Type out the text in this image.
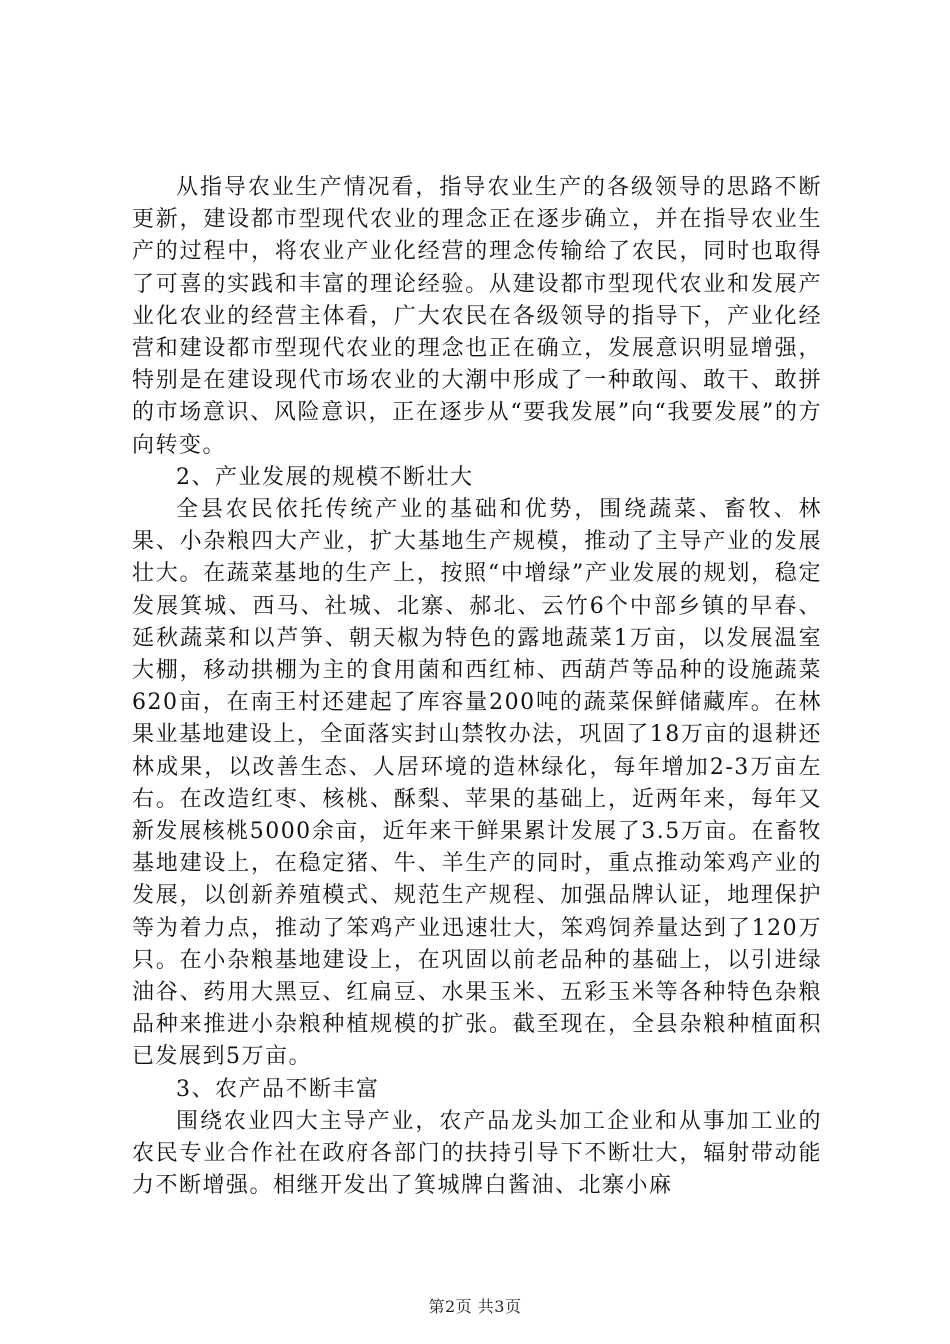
从指导农业生产情况看，指导农业生产的各级领导的思路不断更新，建设都市型现代农业的理念正在逐步确立，并在指导农业生产的过程中，将农业产业化经营的理念传输给了农民，同时也取得了可喜的实践和丰富的理论经验。从建设都市型现代农业和发展产业化农业的经营主体看，广大农民在各级领导的指导下，产业化经营和建设都市型现代农业的理念也正在确立，发展意识明显增强，特别是在建设现代市场农业的大潮中形成了一种敢闯、敢干、敢拼的市场意识、风险意识，正在逐步从“要我发展”向“我要发展”的方向转变。

2、产业发展的规模不断壮大

全县农民依托传统产业的基础和优势，围绕蔬菜、畜牧、林果、小杂粮四大产业，扩大基地生产规模，推动了主导产业的发展壮大。在蔬菜基地的生产上，按照“中增绿”产业发展的规划，稳定发展箕城、西马、社城、北寨、郝北、云竹6个中部乡镇的早春、延秋蔬菜和以芦笋、朝天椒为特色的露地蔬菜1万亩，以发展温室大棚，移动拱棚为主的食用菌和西红柿、西葫芦等品种的设施蔬菜620亩，在南王村还建起了库容量200吨的蔬菜保鲜储藏库。在林果业基地建设上，全面落实封山禁牧办法，巩固了18万亩的退耕还林成果，以改善生态、人居环境的造林绿化，每年增加2-3万亩左右。在改造红枣、核桃、酥梨、苹果的基础上，近两年来，每年又新发展核桃5000余亩，近年来干鲜果累计发展了3.5万亩。在畜牧基地建设上，在稳定猪、牛、羊生产的同时，重点推动笨鸡产业的发展，以创新养殖模式、规范生产规程、加强品牌认证，地理保护等为着力点，推动了笨鸡产业迅速壮大，笨鸡饲养量达到了120万只。在小杂粮基地建设上，在巩固以前老品种的基础上，以引进绿油谷、药用大黑豆、红扁豆、水果玉米、五彩玉米等各种特色杂粮品种来推进小杂粮种植规模的扩张。截至现在，全县杂粮种植面积已发展到5万亩。

3、农产品不断丰富

围绕农业四大主导产业，农产品龙头加工企业和从事加工业的农民专业合作社在政府各部门的扶持引导下不断壮大，辐射带动能力不断增强。相继开发出了箕城牌白酱油、北寨小麻

第2页 共3页
